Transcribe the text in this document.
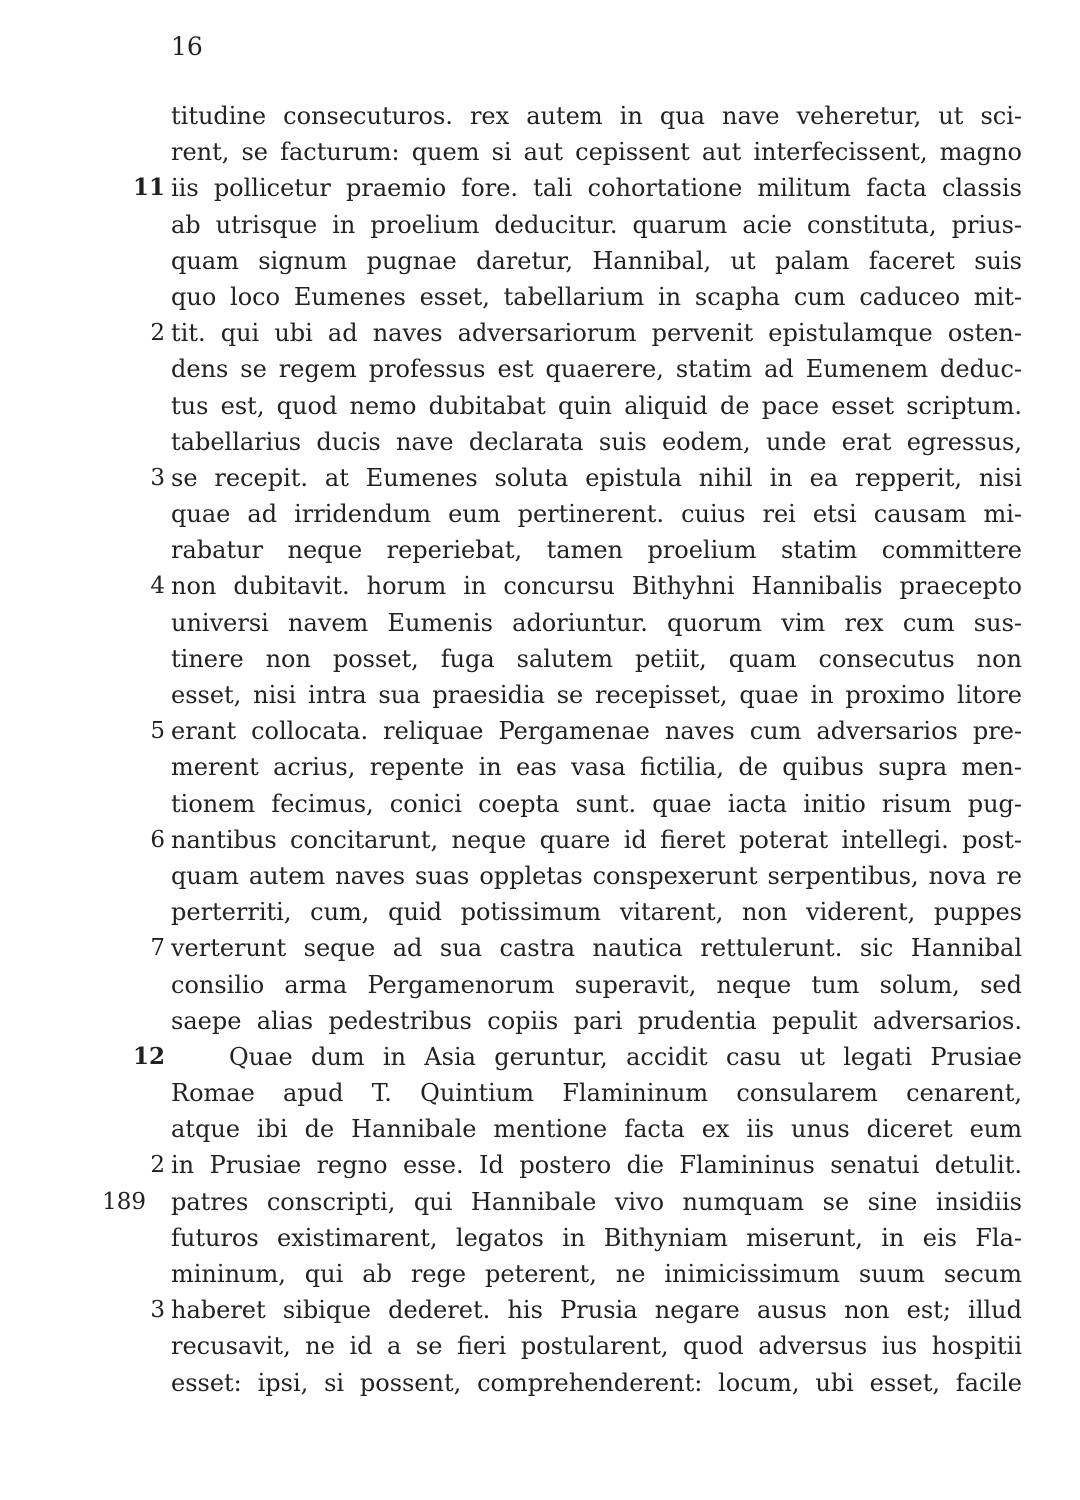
16
titudine consecuturos. rex autem in qua nave veheretur, ut sci-
rent, se facturum: quem si aut cepissent aut interfecissent, magno
11 iis pollicetur praemio fore. tali cohortatione militum facta classis
ab utrisque in proelium deducitur. quarum acie constituta, prius-
quam signum pugnae daretur, Hannibal, ut palam faceret suis
quo loco Eumenes esset, tabellarium in scapha cum caduceo mit-
2 tit. qui ubi ad naves adversariorum pervenit epistulamque osten-
dens se regem professus est quaerere, statim ad Eumenem deduc-
tus est, quod nemo dubitabat quin aliquid de pace esset scriptum.
tabellarius ducis nave declarata suis eodem, unde erat egressus,
3 se recepit. at Eumenes soluta epistula nihil in ea repperit, nisi
quae ad irridendum eum pertinerent. cuius rei etsi causam mi-
rabatur neque reperiebat, tamen proelium statim committere
4 non dubitavit. horum in concursu Bithyhni Hannibalis praecepto
universi navem Eumenis adoriuntur. quorum vim rex cum sus-
tinere non posset, fuga salutem petiit, quam consecutus non
esset, nisi intra sua praesidia se recepisset, quae in proximo litore
5 erant collocata. reliquae Pergamenae naves cum adversarios pre-
merent acrius, repente in eas vasa fictilia, de quibus supra men-
tionem fecimus, conici coepta sunt. quae iacta initio risum pug-
6 nantibus concitarunt, neque quare id fieret poterat intellegi. post-
quam autem naves suas oppletas conspexerunt serpentibus, nova re
perterriti, cum, quid potissimum vitarent, non viderent, puppes
7 verterunt seque ad sua castra nautica rettulerunt. sic Hannibal
consilio arma Pergamenorum superavit, neque tum solum, sed
saepe alias pedestribus copiis pari prudentia pepulit adversarios.
12	Quae dum in Asia geruntur, accidit casu ut legati Prusiae
Romae apud T. Quintium Flamininum consularem cenarent,
atque ibi de Hannibale mentione facta ex iis unus diceret eum
2 in Prusiae regno esse. Id postero die Flamininus senatui detulit.
189 patres conscripti, qui Hannibale vivo numquam se sine insidiis
futuros existimarent, legatos in Bithyniam miserunt, in eis Fla-
mininum, qui ab rege peterent, ne inimicissimum suum secum
3 haberet sibique dederet. his Prusia negare ausus non est; illud
recusavit, ne id a se fieri postularent, quod adversus ius hospitii
esset: ipsi, si possent, comprehenderent: locum, ubi esset, facile
